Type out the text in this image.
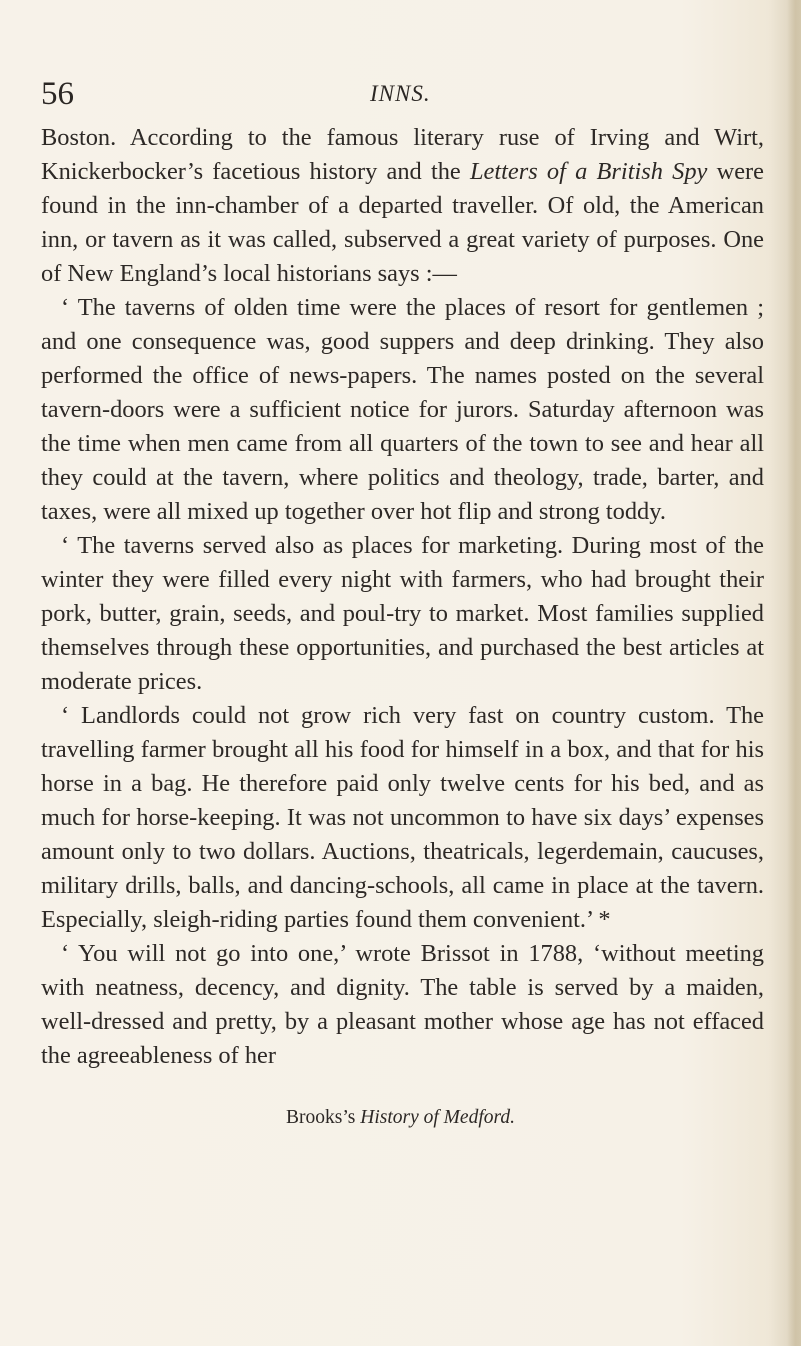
56	INNS.

Boston. According to the famous literary ruse of Irving and Wirt, Knickerbocker’s facetious history and the Letters of a British Spy were found in the inn-chamber of a departed traveller. Of old, the American inn, or tavern as it was called, subserved a great variety of purposes. One of New England’s local historians says :—

‘ The taverns of olden time were the places of resort for gentlemen ; and one consequence was, good suppers and deep drinking. They also performed the office of news-papers. The names posted on the several tavern-doors were a sufficient notice for jurors. Saturday afternoon was the time when men came from all quarters of the town to see and hear all they could at the tavern, where politics and theology, trade, barter, and taxes, were all mixed up together over hot flip and strong toddy.

‘ The taverns served also as places for marketing. During most of the winter they were filled every night with farmers, who had brought their pork, butter, grain, seeds, and poul-try to market. Most families supplied themselves through these opportunities, and purchased the best articles at moderate prices.

‘ Landlords could not grow rich very fast on country custom. The travelling farmer brought all his food for himself in a box, and that for his horse in a bag. He therefore paid only twelve cents for his bed, and as much for horse-keeping. It was not uncommon to have six days’ expenses amount only to two dollars. Auctions, theatricals, legerdemain, caucuses, military drills, balls, and dancing-schools, all came in place at the tavern. Especially, sleigh-riding parties found them convenient.’ *

‘ You will not go into one,’ wrote Brissot in 1788, ‘without meeting with neatness, decency, and dignity. The table is served by a maiden, well-dressed and pretty, by a pleasant mother whose age has not effaced the agreeableness of her

Brooks’s History of Medford.
